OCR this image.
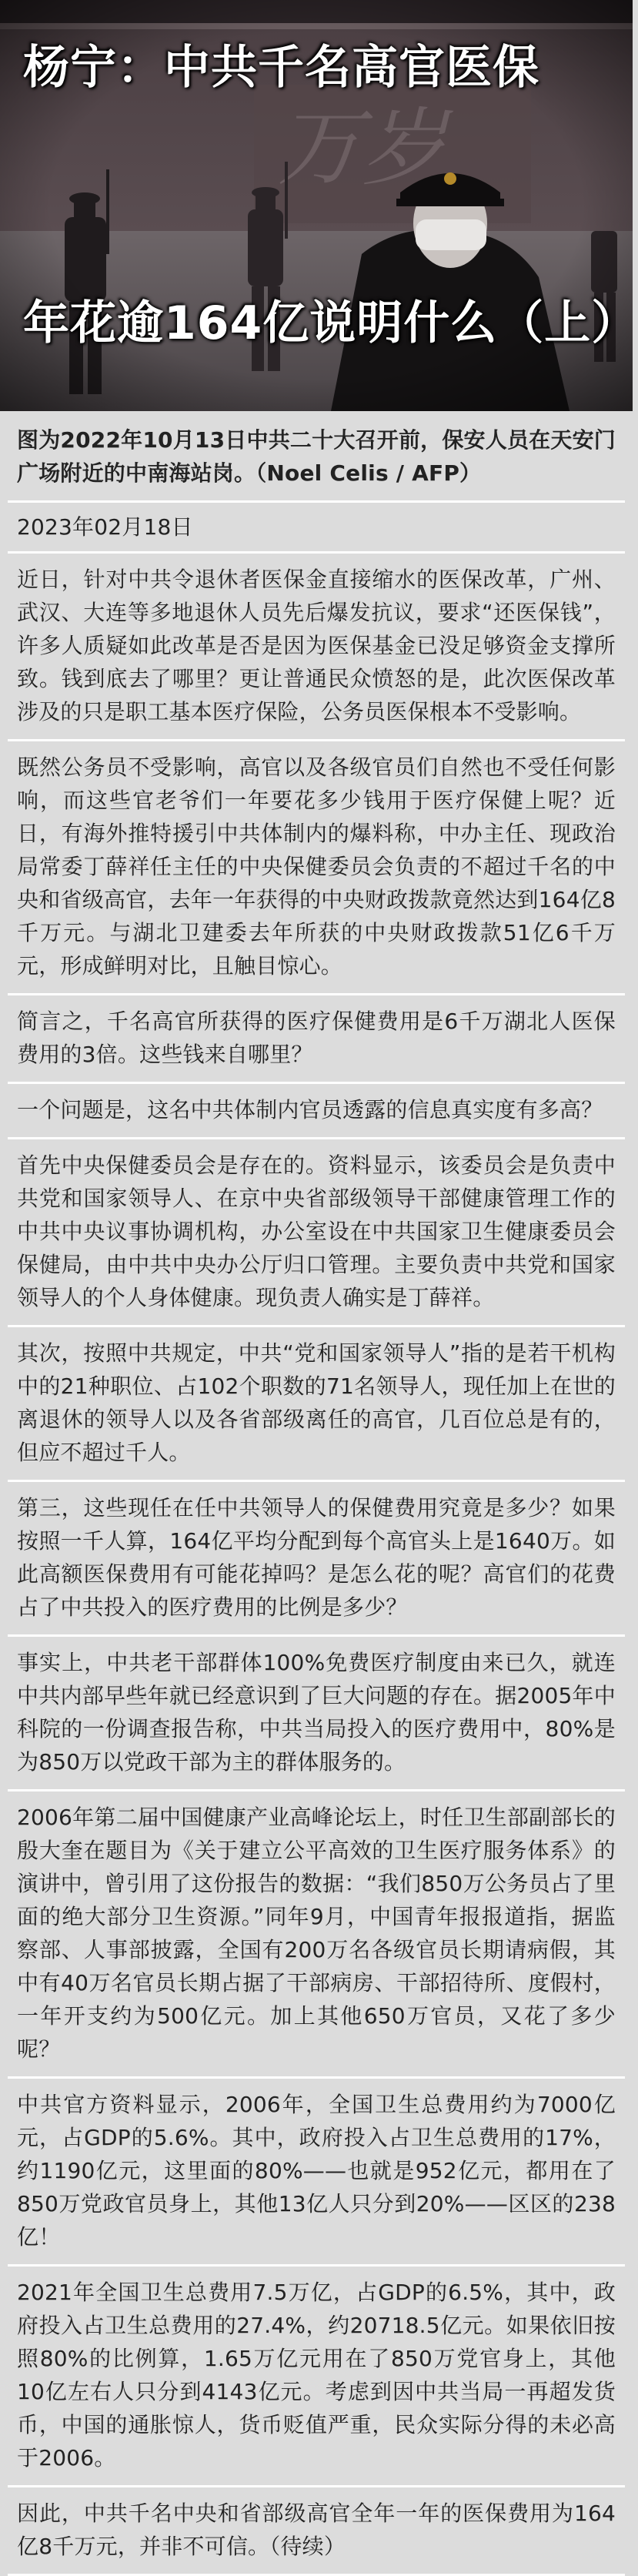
杨宁：中共千名高官医保
年花逾164亿说明什么（上）
图为2022年10月13日中共二十大召开前，保安人员在天安门广场附近的中南海站岗。（Noel Celis / AFP）
2023年02月18日
近日，针对中共令退休者医保金直接缩水的医保改革，广州、武汉、大连等多地退休人员先后爆发抗议，要求“还医保钱”，许多人质疑如此改革是否是因为医保基金已没足够资金支撑所致。钱到底去了哪里？更让普通民众愤怒的是，此次医保改革涉及的只是职工基本医疗保险，公务员医保根本不受影响。
既然公务员不受影响，高官以及各级官员们自然也不受任何影响，而这些官老爷们一年要花多少钱用于医疗保健上呢？近日，有海外推特援引中共体制内的爆料称，中办主任、现政治局常委丁薛祥任主任的中央保健委员会负责的不超过千名的中央和省级高官，去年一年获得的中央财政拨款竟然达到164亿8千万元。与湖北卫建委去年所获的中央财政拨款51亿6千万元，形成鲜明对比，且触目惊心。
简言之，千名高官所获得的医疗保健费用是6千万湖北人医保费用的3倍。这些钱来自哪里？
一个问题是，这名中共体制内官员透露的信息真实度有多高？
首先中央保健委员会是存在的。资料显示，该委员会是负责中共党和国家领导人、在京中央省部级领导干部健康管理工作的中共中央议事协调机构，办公室设在中共国家卫生健康委员会保健局，由中共中央办公厅归口管理。主要负责中共党和国家领导人的个人身体健康。现负责人确实是丁薛祥。
其次，按照中共规定，中共“党和国家领导人”指的是若干机构中的21种职位、占102个职数的71名领导人，现任加上在世的离退休的领导人以及各省部级离任的高官，几百位总是有的，但应不超过千人。
第三，这些现任在任中共领导人的保健费用究竟是多少？如果按照一千人算，164亿平均分配到每个高官头上是1640万。如此高额医保费用有可能花掉吗？是怎么花的呢？高官们的花费占了中共投入的医疗费用的比例是多少？
事实上，中共老干部群体100%免费医疗制度由来已久，就连中共内部早些年就已经意识到了巨大问题的存在。据2005年中科院的一份调查报告称，中共当局投入的医疗费用中，80%是为850万以党政干部为主的群体服务的。
2006年第二届中国健康产业高峰论坛上，时任卫生部副部长的殷大奎在题目为《关于建立公平高效的卫生医疗服务体系》的演讲中，曾引用了这份报告的数据：“我们850万公务员占了里面的绝大部分卫生资源。”同年9月，中国青年报报道指，据监察部、人事部披露，全国有200万名各级官员长期请病假，其中有40万名官员长期占据了干部病房、干部招待所、度假村，一年开支约为500亿元。加上其他650万官员，又花了多少呢？
中共官方资料显示，2006年，全国卫生总费用约为7000亿元，占GDP的5.6%。其中，政府投入占卫生总费用的17%，约1190亿元，这里面的80%——也就是952亿元，都用在了850万党政官员身上，其他13亿人只分到20%——区区的238亿！
2021年全国卫生总费用7.5万亿，占GDP的6.5%，其中，政府投入占卫生总费用的27.4%，约20718.5亿元。如果依旧按照80%的比例算，1.65万亿元用在了850万党官身上，其他10亿左右人只分到4143亿元。考虑到因中共当局一再超发货币，中国的通胀惊人，货币贬值严重，民众实际分得的未必高于2006。
因此，中共千名中央和省部级高官全年一年的医保费用为164亿8千万元，并非不可信。（待续）
